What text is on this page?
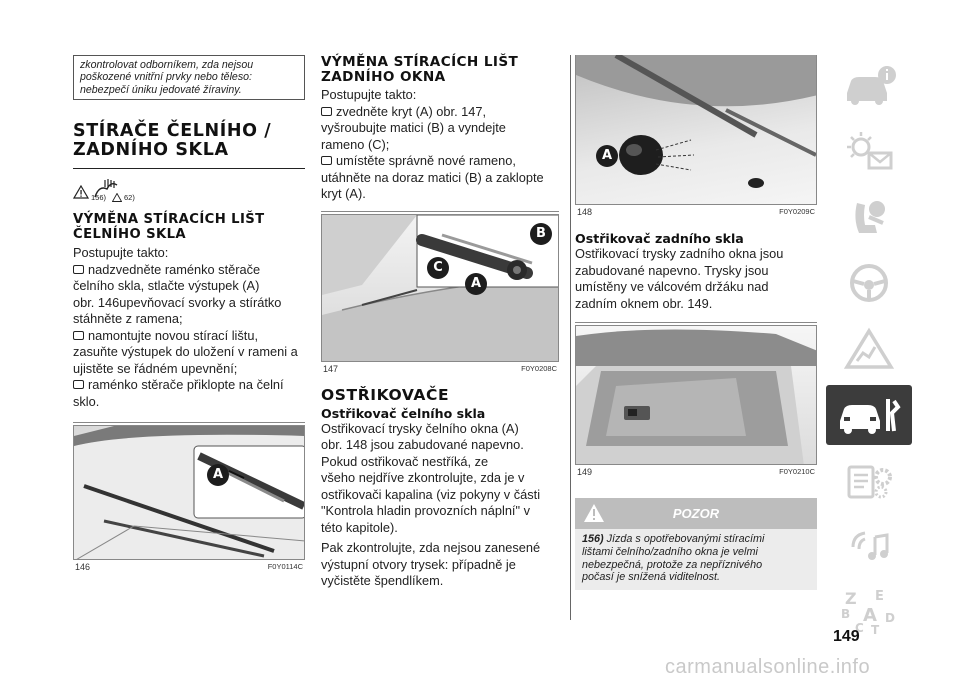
zkontrolovat odborníkem, zda nejsou
poškozené vnitřní prvky nebo těleso:
nebezpečí úniku jedovaté žíraviny.
STÍRAČE ČELNÍHO /
ZADNÍHO SKLA
156) 62)
VÝMĚNA STÍRACÍCH LIŠT
ČELNÍHO SKLA
Postupujte takto:
nadzvedněte raménko stěrače
čelního skla, stlačte výstupek (A)
obr. 146upevňovací svorky a stírátko
stáhněte z ramena;
namontujte novou stírací lištu,
zasuňte výstupek do uložení v rameni a
ujistěte se řádném upevnění;
raménko stěrače přiklopte na čelní
sklo.
A
146	F0Y0114C
VÝMĚNA STÍRACÍCH LIŠT
ZADNÍHO OKNA
Postupujte takto:
zvedněte kryt (A) obr. 147,
vyšroubujte matici (B) a vyndejte
rameno (C);
umístěte správně nové rameno,
utáhněte na doraz matici (B) a zaklopte
kryt (A).
B
C
A
147	F0Y0208C
OSTŘIKOVAČE
Ostřikovač čelního skla
Ostřikovací trysky čelního okna (A)
obr. 148 jsou zabudované napevno.
Pokud ostřikovač nestříká, ze
všeho nejdříve zkontrolujte, zda je v
ostřikovači kapalina (viz pokyny v části
"Kontrola hladin provozních náplní" v
této kapitole).
Pak zkontrolujte, zda nejsou zanesené
výstupní otvory trysek: případně je
vyčistěte špendlíkem.
A
148	F0Y0209C
Ostřikovač zadního skla
Ostřikovací trysky zadního okna jsou
zabudované napevno. Trysky jsou
umístěny ve válcovém držáku nad
zadním oknem obr. 149.
149	F0Y0210C
POZOR
156) Jízda s opotřebovanými stíracími
lištami čelního/zadního okna je velmi
nebezpečná, protože za nepříznivého
počasí je snížená viditelnost.
Z E
B A
C
D
T
149
carmanualsonline.info
